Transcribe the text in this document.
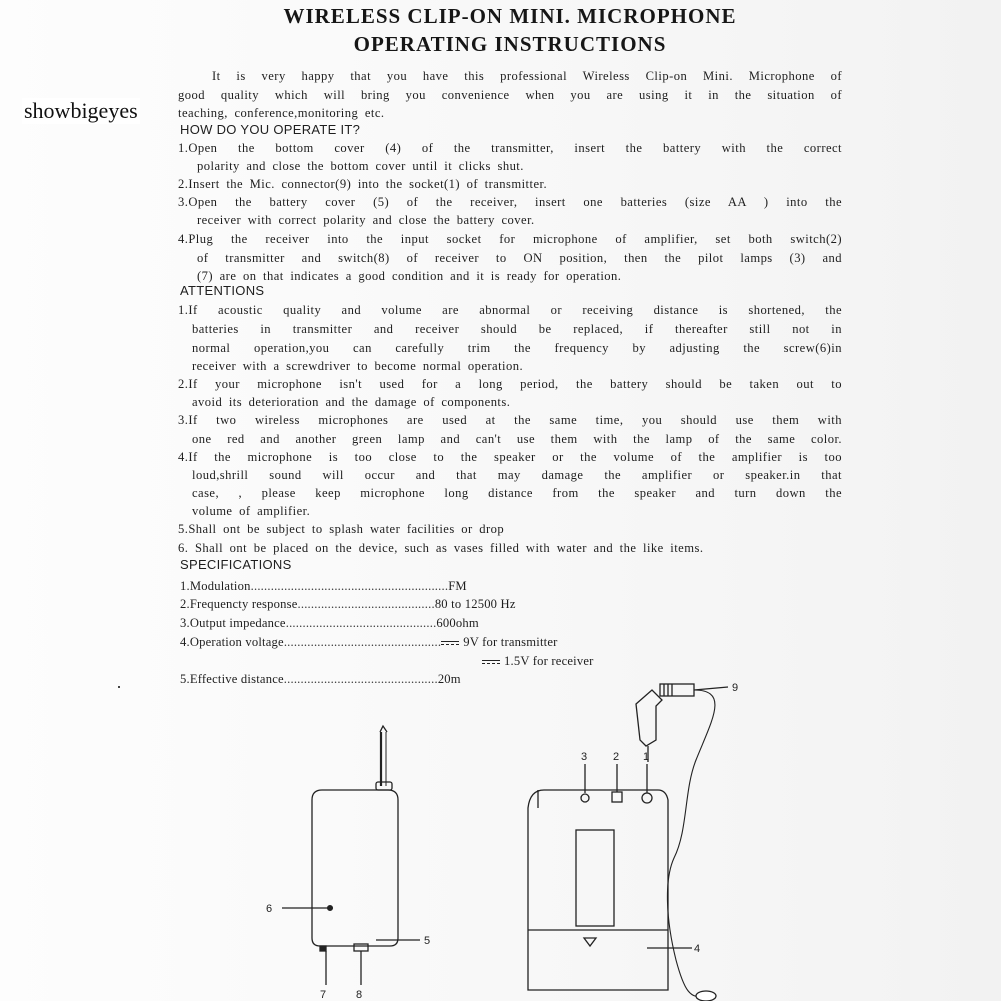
showbigeyes
WIRELESS CLIP-ON MINI. MICROPHONE
OPERATING INSTRUCTIONS
It is very happy that you have this professional Wireless Clip-on Mini. Microphone of
good quality which will bring you convenience when you are using it in the situation of
teaching, conference,monitoring etc.
HOW DO YOU OPERATE IT?
1.Open the bottom cover (4) of the transmitter, insert the battery with the correct
polarity and close the bottom cover until it clicks shut.
2.Insert the Mic. connector(9) into the socket(1) of transmitter.
3.Open the battery cover (5) of the receiver, insert one batteries (size AA ) into the
receiver with correct polarity and close the battery cover.
4.Plug the receiver into the input socket for microphone of amplifier, set both switch(2)
of transmitter and switch(8) of receiver to ON position, then the pilot lamps (3) and
(7) are on that indicates a good condition and it is ready for operation.
ATTENTIONS
1.If acoustic quality and volume are abnormal or receiving distance is shortened, the
batteries in transmitter and receiver should be replaced, if thereafter still not in
normal operation,you can carefully trim the frequency by adjusting the screw(6)in
receiver with a screwdriver to become normal operation.
2.If your microphone isn't used for a long period, the battery should be taken out to
avoid its deterioration and the damage of components.
3.If two wireless microphones are used at the same time, you should use them with
one red and another green lamp and can't use them with the lamp of the same color.
4.If the microphone is too close to the speaker or the volume of the amplifier is too
loud,shrill sound will occur and that may damage the amplifier or speaker.in that
case, , please keep microphone long distance from the speaker and turn down the
volume of amplifier.
5.Shall ont be subject to splash water facilities or drop
6. Shall ont be placed on the device, such as vases filled with water and the like items.
SPECIFICATIONS
1.Modulation...........................................................FM
2.Frequencty response.........................................80 to 12500 Hz
3.Output impedance.............................................600ohm
4.Operation voltage............................................... 9V for transmitter
1.5V for receiver
5.Effective distance..............................................20m
9
3 2 1
4
6
5
7	8
